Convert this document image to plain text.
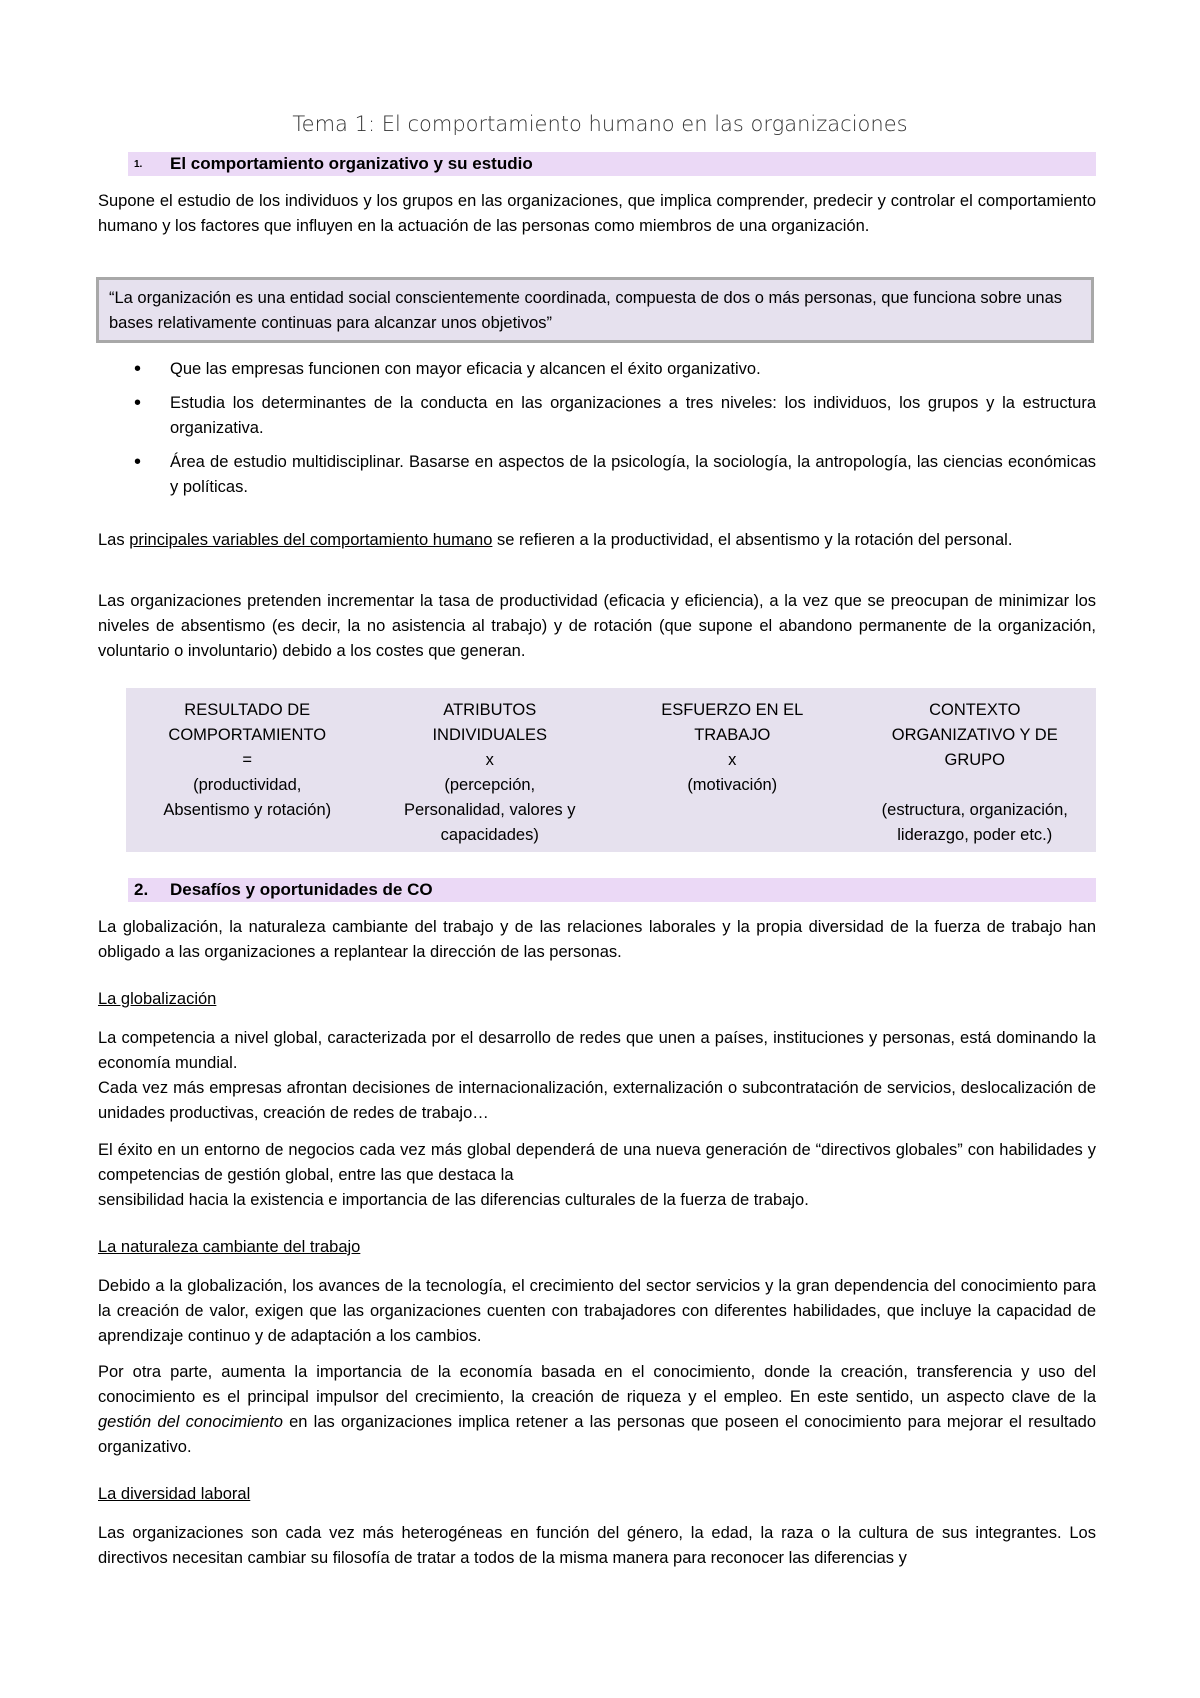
Tema 1: El comportamiento humano en las organizaciones
1.	El comportamiento organizativo y su estudio
Supone el estudio de los individuos y los grupos en las organizaciones, que implica comprender, predecir y controlar el comportamiento humano y los factores que influyen en la actuación de las personas como miembros de una organización.
“La organización es una entidad social conscientemente coordinada, compuesta de dos o más personas, que funciona sobre unas bases relativamente continuas para alcanzar unos objetivos”
• Que las empresas funcionen con mayor eficacia y alcancen el éxito organizativo.
• Estudia los determinantes de la conducta en las organizaciones a tres niveles: los individuos, los grupos y la estructura organizativa.
• Área de estudio multidisciplinar. Basarse en aspectos de la psicología, la sociología, la antropología, las ciencias económicas y políticas.
Las principales variables del comportamiento humano se refieren a la productividad, el absentismo y la rotación del personal.
Las organizaciones pretenden incrementar la tasa de productividad (eficacia y eficiencia), a la vez que se preocupan de minimizar los niveles de absentismo (es decir, la no asistencia al trabajo) y de rotación (que supone el abandono permanente de la organización, voluntario o involuntario) debido a los costes que generan.
RESULTADO DE
COMPORTAMIENTO
=
(productividad,
Absentismo y rotación)
ATRIBUTOS
INDIVIDUALES
x
(percepción,
Personalidad, valores y
capacidades)
ESFUERZO EN EL
TRABAJO
x
(motivación)
CONTEXTO
ORGANIZATIVO Y DE
GRUPO
(estructura, organización,
liderazgo, poder etc.)
2.	Desafíos y oportunidades de CO
La globalización, la naturaleza cambiante del trabajo y de las relaciones laborales y la propia diversidad de la fuerza de trabajo han obligado a las organizaciones a replantear la dirección de las personas.
La globalización
La competencia a nivel global, caracterizada por el desarrollo de redes que unen a países, instituciones y personas, está dominando la economía mundial.
Cada vez más empresas afrontan decisiones de internacionalización, externalización o subcontratación de servicios, deslocalización de unidades productivas, creación de redes de trabajo…
El éxito en un entorno de negocios cada vez más global dependerá de una nueva generación de “directivos globales” con habilidades y competencias de gestión global, entre las que destaca la
sensibilidad hacia la existencia e importancia de las diferencias culturales de la fuerza de trabajo.
La naturaleza cambiante del trabajo
Debido a la globalización, los avances de la tecnología, el crecimiento del sector servicios y la gran dependencia del conocimiento para la creación de valor, exigen que las organizaciones cuenten con trabajadores con diferentes habilidades, que incluye la capacidad de aprendizaje continuo y de adaptación a los cambios.
Por otra parte, aumenta la importancia de la economía basada en el conocimiento, donde la creación, transferencia y uso del conocimiento es el principal impulsor del crecimiento, la creación de riqueza y el empleo. En este sentido, un aspecto clave de la gestión del conocimiento en las organizaciones implica retener a las personas que poseen el conocimiento para mejorar el resultado organizativo.
La diversidad laboral
Las organizaciones son cada vez más heterogéneas en función del género, la edad, la raza o la cultura de sus integrantes. Los directivos necesitan cambiar su filosofía de tratar a todos de la misma manera para reconocer las diferencias y
